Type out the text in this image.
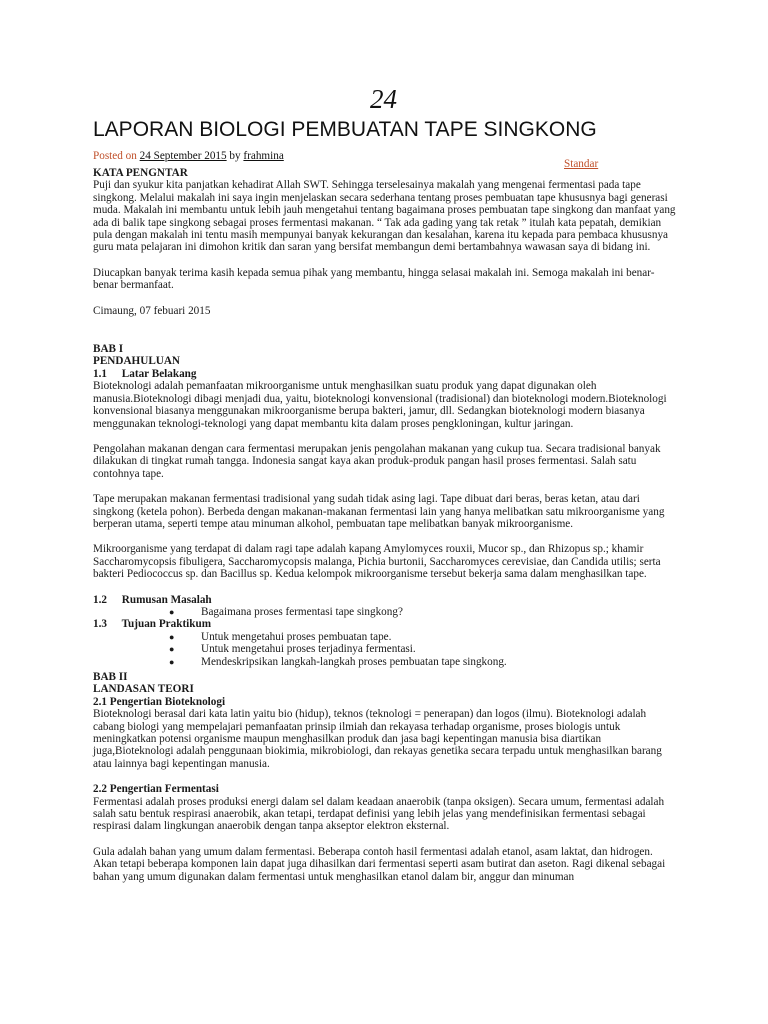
24
LAPORAN BIOLOGI PEMBUATAN TAPE SINGKONG
Posted on 24 September 2015 by frahmina
Standar
KATA PENGNTAR

Puji dan syukur kita panjatkan kehadirat Allah SWT. Sehingga terselesainya makalah yang mengenai fermentasi pada tape singkong. Melalui makalah ini saya ingin menjelaskan secara sederhana tentang proses pembuatan tape khususnya bagi generasi muda. Makalah ini membantu untuk lebih jauh mengetahui tentang bagaimana proses pembuatan tape singkong dan manfaat yang ada di balik tape singkong sebagai proses fermentasi makanan. “ Tak ada gading yang tak retak ” itulah kata pepatah, demikian pula dengan makalah ini tentu masih mempunyai banyak kekurangan dan kesalahan, karena itu kepada para pembaca khususnya guru mata pelajaran ini dimohon kritik dan saran yang bersifat membangun demi bertambahnya wawasan saya di bidang ini.

Diucapkan banyak terima kasih kepada semua pihak yang membantu, hingga selasai makalah ini. Semoga makalah ini benar-benar bermanfaat.

Cimaung, 07 febuari 2015

BAB I
PENDAHULUAN
1.1 Latar Belakang

Bioteknologi adalah pemanfaatan mikroorganisme untuk menghasilkan suatu produk yang dapat digunakan oleh manusia.Bioteknologi dibagi menjadi dua, yaitu, bioteknologi konvensional (tradisional) dan bioteknologi modern.Bioteknologi konvensional biasanya menggunakan mikroorganisme berupa bakteri, jamur, dll. Sedangkan bioteknologi modern biasanya menggunakan teknologi-teknologi yang dapat membantu kita dalam proses pengkloningan, kultur jaringan.

Pengolahan makanan dengan cara fermentasi merupakan jenis pengolahan makanan yang cukup tua. Secara tradisional banyak dilakukan di tingkat rumah tangga. Indonesia sangat kaya akan produk-produk pangan hasil proses fermentasi. Salah satu contohnya tape.

Tape merupakan makanan fermentasi tradisional yang sudah tidak asing lagi. Tape dibuat dari beras, beras ketan, atau dari singkong (ketela pohon). Berbeda dengan makanan-makanan fermentasi lain yang hanya melibatkan satu mikroorganisme yang berperan utama, seperti tempe atau minuman alkohol, pembuatan tape melibatkan banyak mikroorganisme.

Mikroorganisme yang terdapat di dalam ragi tape adalah kapang Amylomyces rouxii, Mucor sp., dan Rhizopus sp.; khamir Saccharomycopsis fibuligera, Saccharomycopsis malanga, Pichia burtonii, Saccharomyces cerevisiae, dan Candida utilis; serta bakteri Pediococcus sp. dan Bacillus sp. Kedua kelompok mikroorganisme tersebut bekerja sama dalam menghasilkan tape.

1.2 Rumusan Masalah
● Bagaimana proses fermentasi tape singkong?
1.3 Tujuan Praktikum
● Untuk mengetahui proses pembuatan tape.
● Untuk mengetahui proses terjadinya fermentasi.
● Mendeskripsikan langkah-langkah proses pembuatan tape singkong.
BAB II
LANDASAN TEORI
2.1 Pengertian Bioteknologi

Bioteknologi berasal dari kata latin yaitu bio (hidup), teknos (teknologi = penerapan) dan logos (ilmu). Bioteknologi adalah cabang biologi yang mempelajari pemanfaatan prinsip ilmiah dan rekayasa terhadap organisme, proses biologis untuk meningkatkan potensi organisme maupun menghasilkan produk dan jasa bagi kepentingan manusia bisa diartikan juga,Bioteknologi adalah penggunaan biokimia, mikrobiologi, dan rekayas genetika secara terpadu untuk menghasilkan barang atau lainnya bagi kepentingan manusia.

2.2 Pengertian Fermentasi

Fermentasi adalah proses produksi energi dalam sel dalam keadaan anaerobik (tanpa oksigen). Secara umum, fermentasi adalah salah satu bentuk respirasi anaerobik, akan tetapi, terdapat definisi yang lebih jelas yang mendefinisikan fermentasi sebagai respirasi dalam lingkungan anaerobik dengan tanpa akseptor elektron eksternal.

Gula adalah bahan yang umum dalam fermentasi. Beberapa contoh hasil fermentasi adalah etanol, asam laktat, dan hidrogen. Akan tetapi beberapa komponen lain dapat juga dihasilkan dari fermentasi seperti asam butirat dan aseton. Ragi dikenal sebagai bahan yang umum digunakan dalam fermentasi untuk menghasilkan etanol dalam bir, anggur dan minuman
